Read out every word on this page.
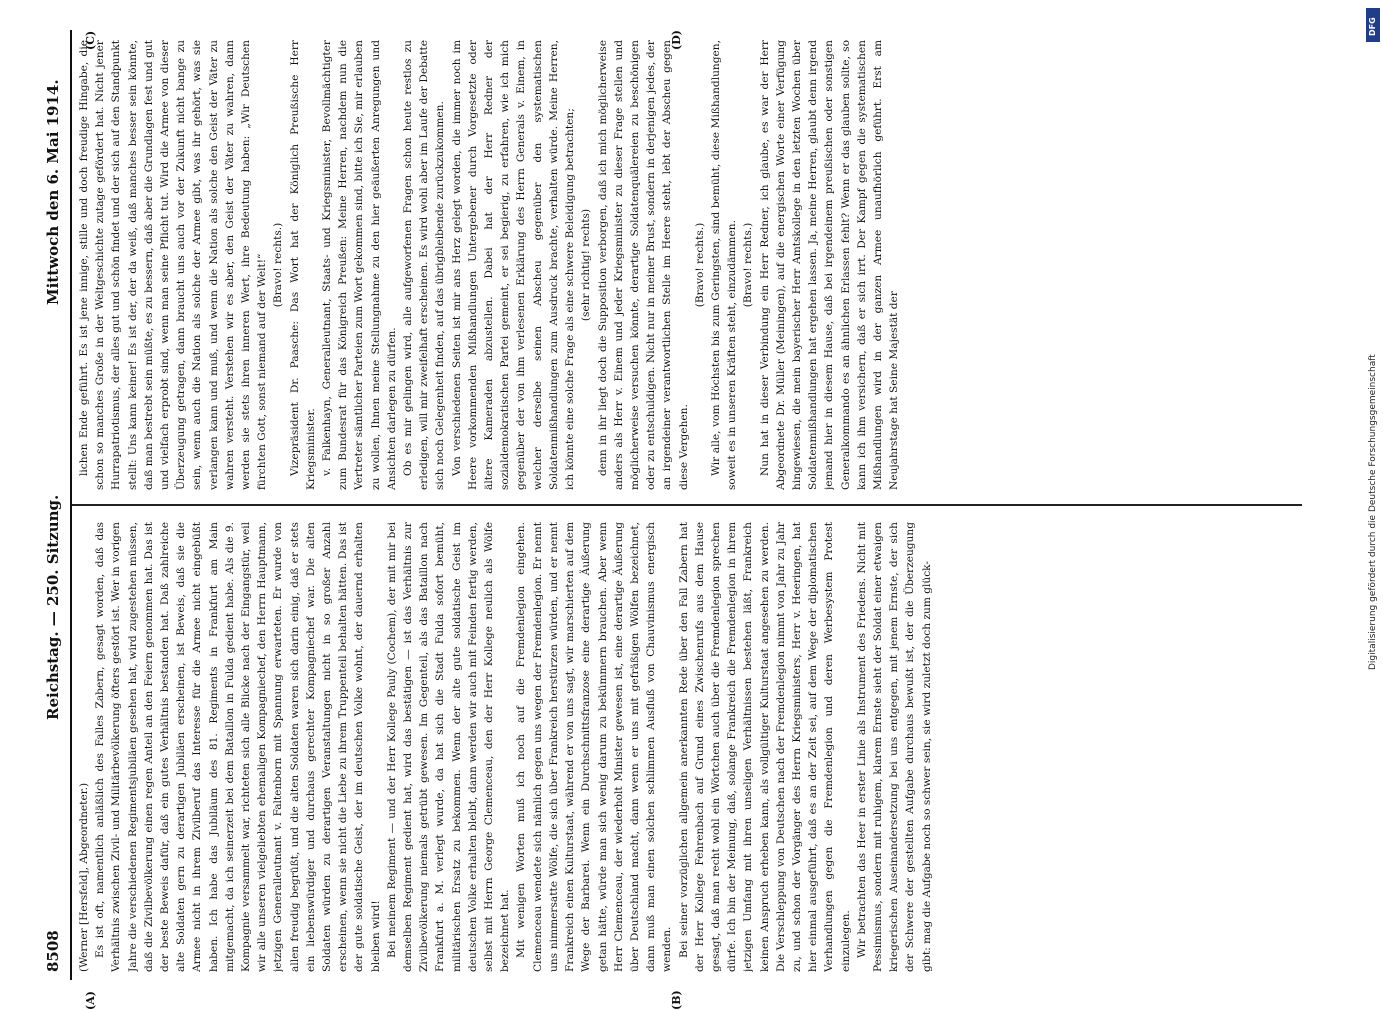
8508
Reichstag. — 250. Sitzung.
Mittwoch den 6. Mai 1914.
(A)	(B)
(C)	(D)

(Werner [Hersfeld], Abgeordneter.) Es ist oft, namentlich anläßlich des Falles Zabern, gesagt worden, daß das Verhältnis zwischen Zivil- und Militärbevölkerung öfters gestört ist. Wer in vorigen Jahre die verschiedenen Regimentsjubiläen gesehen hat, wird zugestehen müssen, daß die Zivilbevölkerung einen regen Anteil an den Feiern genommen hat. Das ist der beste Beweis dafür, daß ein gutes Verhältnis bestanden hat. Daß zahlreiche alte Soldaten gern zu derartigen Jubiläen erscheinen, ist Beweis, daß sie die Armee nicht in ihrem Zivilberuf das Interesse für die Armee nicht eingebüßt haben. Ich habe das Jubiläum des 81. Regiments in Frankfurt am Main mitgemacht, da ich seinerzeit bei dem Bataillon in Fulda gedient habe. Als die 9. Kompagnie versammelt war, richteten sich alle Blicke nach der Eingangstür, weil wir alle unseren vielgeliebten ehemaligen Kompagniechef, den Herrn Hauptmann, jetzigen Generalleutnant v. Faltenborn mit Spannung erwarteten. Er wurde von allen freudig begrüßt, und die alten Soldaten waren sich darin einig, daß er stets ein liebenswürdiger und durchaus gerechter Kompagniechef war. Die alten Soldaten würden zu derartigen Veranstaltungen nicht in so großer Anzahl erscheinen, wenn sie nicht die Liebe zu ihrem Truppenteil behalten hätten. Das ist der gute soldatische Geist, der im deutschen Volke wohnt, der dauernd erhalten bleiben wird! Bei meinem Regiment — und der Herr Kollege Pauly (Cochem), der mit mir bei demselben Regiment gedient hat, wird das bestätigen — ist das Verhältnis zur Zivilbevölkerung niemals getrübt gewesen. Im Gegenteil, als das Bataillon nach Frankfurt a. M. verlegt wurde, da hat sich die Stadt Fulda sofort bemüht, militärischen Ersatz zu bekommen. Wenn der alte gute soldatische Geist im deutschen Volke erhalten bleibt, dann werden wir auch mit Feinden fertig werden, selbst mit Herrn George Clemenceau, den der Herr Kollege neulich als Wölfe bezeichnet hat. Mit wenigen Worten muß ich noch auf die Fremdenlegion eingehen. Clemenceau wendete sich nämlich gegen uns wegen der Fremdenlegion. Er nennt uns nimmersatte Wölfe, die sich über Frankreich herstürzen würden, und er nennt Frankreich einen Kulturstaat, während er von uns sagt, wir marschierten auf dem Wege der Barbarei. Wenn ein Durchschnittsfranzose eine derartige Äußerung getan hätte, würde man sich wenig darum zu bekümmern brauchen. Aber wenn Herr Clemenceau, der wiederholt Minister gewesen ist, eine derartige Äußerung über Deutschland macht, dann wenn er uns mit gefräßigen Wölfen bezeichnet, dann muß man einen solchen schlimmen Ausfluß von Chauvinismus energisch wenden. Bei seiner vorzüglichen allgemein anerkannten Rede über den Fall Zabern hat der Herr Kollege Fehrenbach auf Grund eines Zwischenrufs aus dem Hause gesagt, daß man recht wohl ein Wörtchen auch über die Fremdenlegion sprechen dürfe. Ich bin der Meinung, daß, solange Frankreich die Fremdenlegion in ihrem jetzigen Umfang mit ihren unseligen Verhältnissen bestehen läßt, Frankreich keinen Anspruch erheben kann, als vollgültiger Kulturstaat angesehen zu werden. Die Verschleppung von Deutschen nach der Fremdenlegion nimmt von Jahr zu Jahr zu, und schon der Vorgänger des Herrn Kriegsministers, Herr v. Heeringen, hat hier einmal ausgeführt, daß es an der Zeit sei, auf dem Wege der diplomatischen Verhandlungen gegen die Fremdenlegion und deren Werbesystem Protest einzulegen. Wir betrachten das Heer in erster Linie als Instrument des Friedens. Nicht mit Pessimismus, sondern mit ruhigem, klarem Ernste sieht der Soldat einer etwaigen kriegerischen Auseinandersetzung bei uns entgegen, mit jenem Ernste, der sich der Schwere der gestellten Aufgabe durchaus bewußt ist, der die Überzeugung gibt: mag die Aufgabe noch so schwer sein, sie wird zuletzt doch zum glück-

lichen Ende geführt. Es ist jene innige, stille und doch freudige Hingabe, die schon so manches Große in der Weltgeschichte zutage gefördert hat. Nicht jener Hurrapatriotismus, der alles gut und schön findet und der sich auf den Standpunkt stellt: Uns kann keiner! Es ist der, der da weiß, daß manches besser sein könnte, daß man bestrebt sein müßte, es zu bessern, daß aber die Grundlagen fest und gut und vielfach erprobt sind, wenn man seine Pflicht tut. Wird die Armee von dieser Überzeugung getragen, dann braucht uns auch vor der Zukunft nicht bange zu sein, wenn auch die Nation als solche der Armee gibt, was ihr gehört, was sie verlangen kann und muß, und wenn die Nation als solche den Geist der Väter zu wahren versteht. Verstehen wir es aber, den Geist der Väter zu wahren, dann werden sie stets ihren inneren Wert, ihre Bedeutung haben: „Wir Deutschen fürchten Gott, sonst niemand auf der Welt!“ (Bravo! rechts.) Vizepräsident Dr. Paasche: Das Wort hat der Königlich Preußische Herr Kriegsminister. v. Falkenhayn, Generalleutnant, Staats- und Kriegsminister, Bevollmächtigter zum Bundesrat für das Königreich Preußen: Meine Herren, nachdem nun die Vertreter sämtlicher Parteien zum Wort gekommen sind, bitte ich Sie, mir erlauben zu wollen, Ihnen meine Stellungnahme zu den hier geäußerten Anregungen und Ansichten darlegen zu dürfen. Ob es mir gelingen wird, alle aufgeworfenen Fragen schon heute restlos zu erledigen, will mir zweifelhaft erscheinen. Es wird wohl aber im Laufe der Debatte sich noch Gelegenheit finden, auf das übrigbleibende zurückzukommen. Von verschiedenen Seiten ist mir ans Herz gelegt worden, die immer noch im Heere vorkommenden Mißhandlungen Untergebener durch Vorgesetzte oder ältere Kameraden abzustellen. Dabei hat der Herr Redner der sozialdemokratischen Partei gemeint, er sei begierig, zu erfahren, wie ich mich gegenüber der von ihm verlesenen Erklärung des Herrn Generals v. Einem, in welcher derselbe seinen Abscheu gegenüber den systematischen Soldatenmißhandlungen zum Ausdruck brachte, verhalten würde. Meine Herren, ich könnte eine solche Frage als eine schwere Beleidigung betrachten; (sehr richtig! rechts) denn in ihr liegt doch die Supposition verborgen, daß ich mich möglicherweise anders als Herr v. Einem und jeder Kriegsminister zu dieser Frage stellen und möglicherweise versuchen könnte, derartige Soldatenquälereien zu beschönigen oder zu entschuldigen. Nicht nur in meiner Brust, sondern in derjenigen jedes, der an irgendeiner verantwortlichen Stelle im Heere steht, lebt der Abscheu gegen diese Vergehen.

(Bravo! rechts.) Wir alle, vom Höchsten bis zum Geringsten, sind bemüht, diese Mißhandlungen, soweit es in unseren Kräften steht, einzudämmen. (Bravo! rechts.) Nun hat in dieser Verbindung ein Herr Redner, ich glaube, es war der Herr Abgeordnete Dr. Müller (Meiningen), auf die energischen Worte einer Verfügung hingewiesen, die mein bayerischer Herr Amtskollege in den letzten Wochen über Soldatenmißhandlungen hat ergehen lassen. Ja, meine Herren, glaubt denn irgend jemand hier in diesem Hause, daß bei irgendeinem preußischen oder sonstigen Generalkommando es an ähnlichen Erlassen fehlt? Wenn er das glauben sollte, so kann ich ihm versichern, daß er sich irrt. Der Kampf gegen die systematischen Mißhandlungen wird in der ganzen Armee unaufhörlich geführt. Erst am Neujahrstage hat Seine Majestät der

DFG
Digitalisierung gefördert durch die Deutsche Forschungsgemeinschaft
